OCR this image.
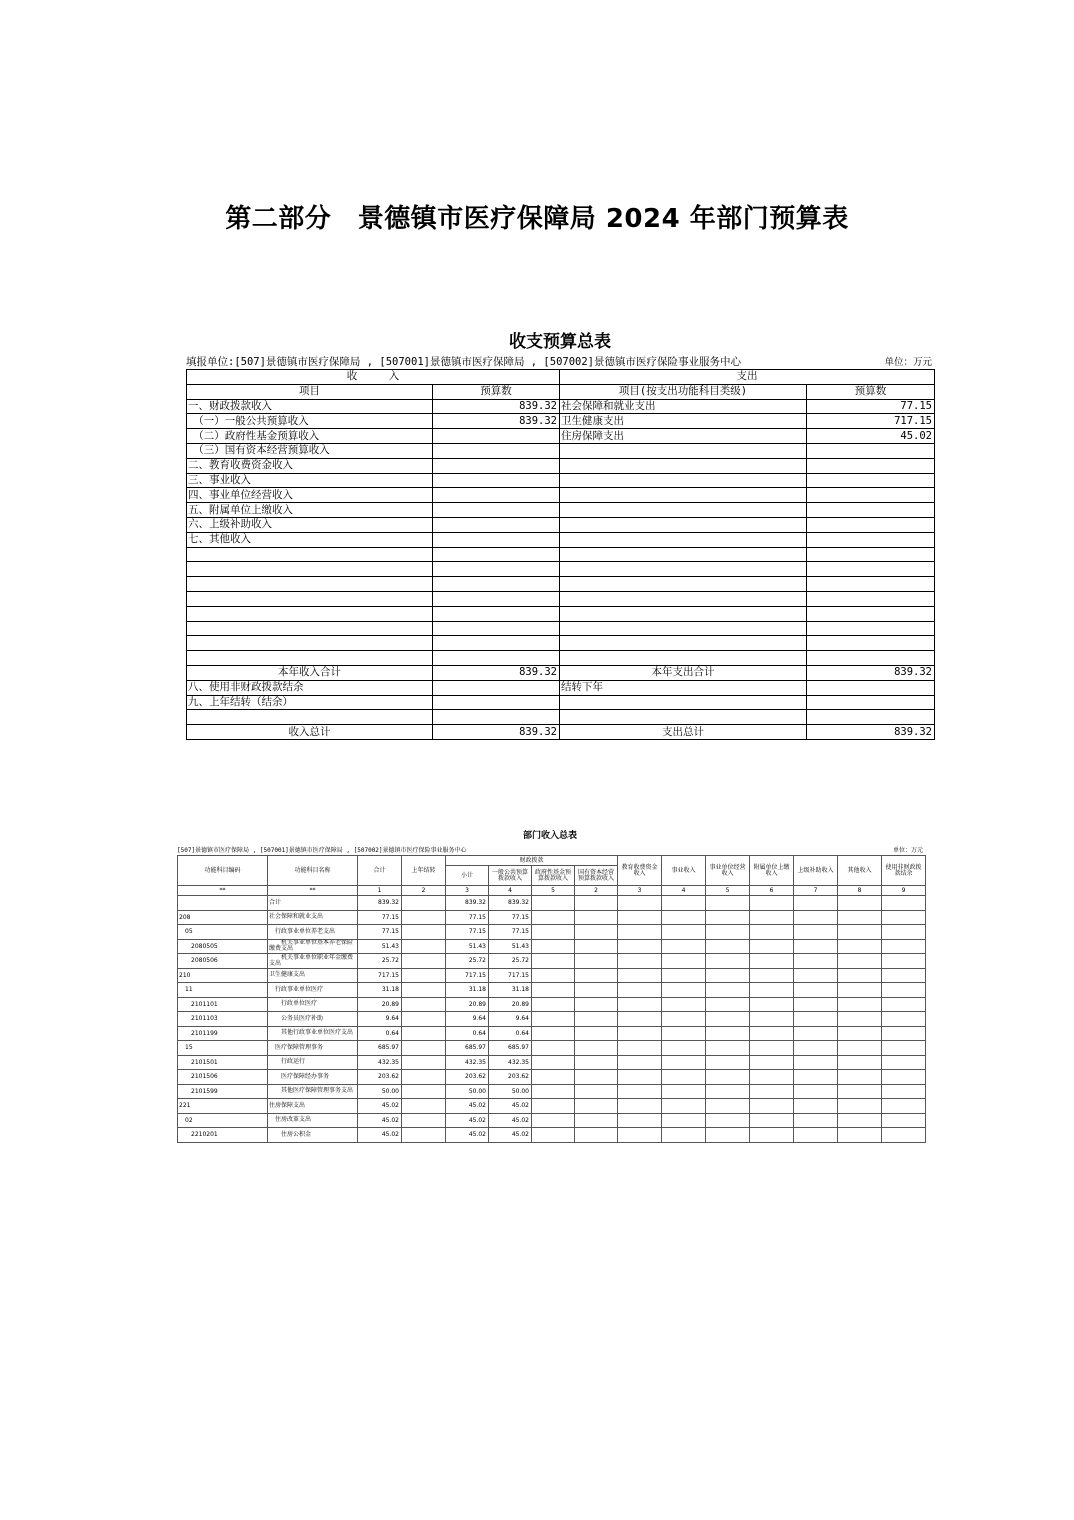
第二部分　景德镇市医疗保障局 2024 年部门预算表
收支预算总表
填报单位:[507]景德镇市医疗保障局 , [507001]景德镇市医疗保障局 , [507002]景德镇市医疗保险事业服务中心	单位：万元
收　　　入		支出	
项目	预算数	项目(按支出功能科目类级)	预算数
一、财政拨款收入	839.32	社会保障和就业支出	77.15
　（一）一般公共预算收入	839.32	卫生健康支出	717.15
　（二）政府性基金预算收入		住房保障支出	45.02
　（三）国有资本经营预算收入			
二、教育收费资金收入			
三、事业收入			
四、事业单位经营收入			
五、附属单位上缴收入			
六、上级补助收入			
七、其他收入			

本年收入合计	839.32	本年支出合计	839.32
八、使用非财政拨款结余		结转下年	
九、上年结转（结余）			

收入总计	839.32	支出总计	839.32
部门收入总表
[507]景德镇市医疗保障局 , [507001]景德镇市医疗保障局 , [507002]景德镇市医疗保险事业服务中心	单位：万元
功能科目编码	功能科目名称	合计	上年结转	财政拨款				教育收费资金收入	事业收入	事业单位经营收入	附属单位上缴收入	上级补助收入	其他收入	使用非财政拨款结余
				小计	一般公共预算拨款收入	政府性基金预算拨款收入	国有资本经营预算拨款收入							
**	**	1	2	3	4	5	2	3	4	5	6	7	8	9
	合计	839.32		839.32	839.32									
208	社会保障和就业支出	77.15		77.15	77.15									
　05	　行政事业单位养老支出	77.15		77.15	77.15									
　　2080505	　　机关事业单位基本养老保险缴费支出	51.43		51.43	51.43									
　　2080506	　　机关事业单位职业年金缴费支出	25.72		25.72	25.72									
210	卫生健康支出	717.15		717.15	717.15									
　11	　行政事业单位医疗	31.18		31.18	31.18									
　　2101101	　　行政单位医疗	20.89		20.89	20.89									
　　2101103	　　公务员医疗补助	9.64		9.64	9.64									
　　2101199	　　其他行政事业单位医疗支出	0.64		0.64	0.64									
　15	　医疗保障管理事务	685.97		685.97	685.97									
　　2101501	　　行政运行	432.35		432.35	432.35									
　　2101506	　　医疗保障经办事务	203.62		203.62	203.62									
　　2101599	　　其他医疗保障管理事务支出	50.00		50.00	50.00									
221	住房保障支出	45.02		45.02	45.02									
　02	　住房改革支出	45.02		45.02	45.02									
　　2210201	　　住房公积金	45.02		45.02	45.02									
